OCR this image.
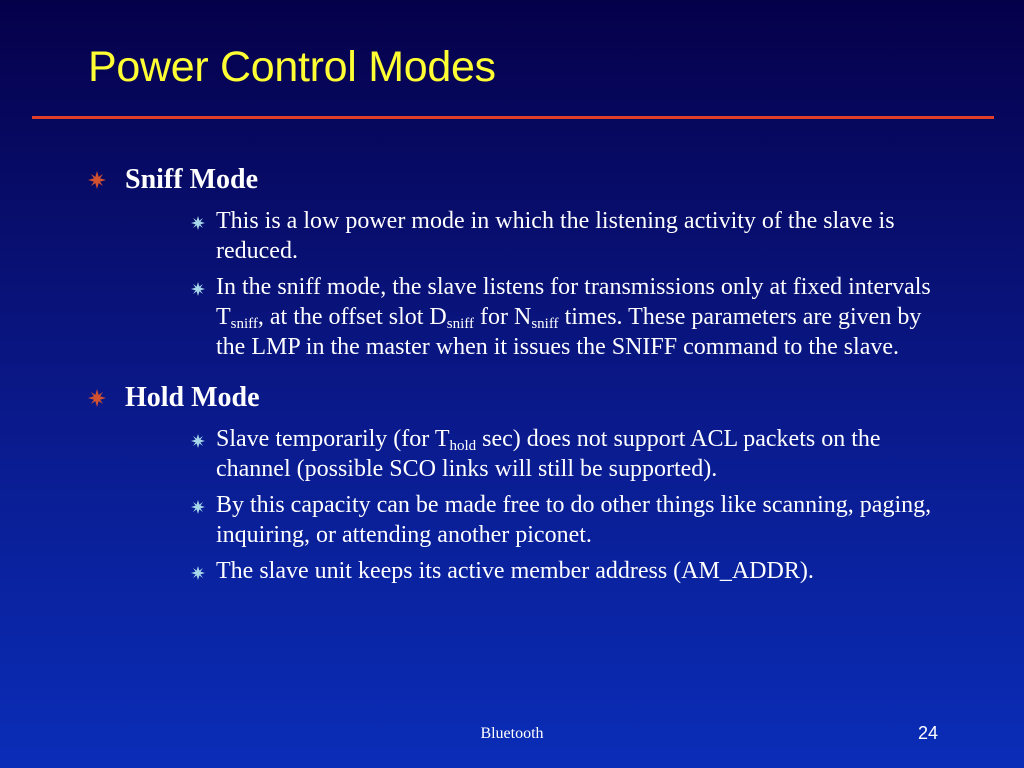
Power Control Modes
Sniff Mode
This is a low power mode in which the listening activity of the slave is reduced.
In the sniff mode, the slave listens for transmissions only at fixed intervals $T_{sniff}$, at the offset slot $D_{sniff}$ for $N_{sniff}$ times. These parameters are given by the LMP in the master when it issues the SNIFF command to the slave.
Hold Mode
Slave temporarily (for $T_{hold}$ sec) does not support ACL packets on the channel (possible SCO links will still be supported).
By this capacity can be made free to do other things like scanning, paging, inquiring, or attending another piconet.
The slave unit keeps its active member address (AM_ADDR).
Bluetooth	24
